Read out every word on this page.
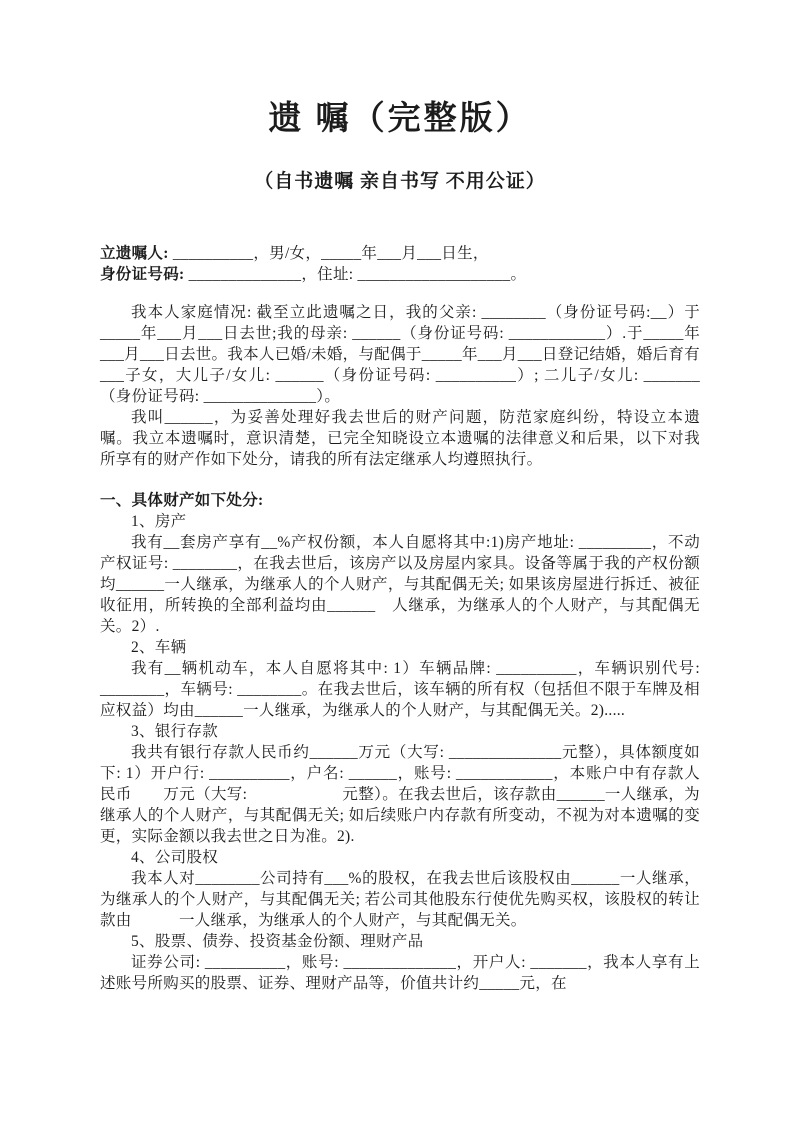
遗 嘱（完整版）
（自书遗嘱 亲自书写 不用公证）

立遗嘱人: __________，男/女，_____年___月___日生，
身份证号码: ______________，住址: ___________________。

我本人家庭情况: 截至立此遗嘱之日，我的父亲: ________（身份证号码:__）于_____年___月___日去世;我的母亲: ______（身份证号码: ____________）.于_____年___月___日去世。我本人已婚/未婚，与配偶于_____年___月___日登记结婚，婚后育有___子女，大儿子/女儿: ______（身份证号码: __________）; 二儿子/女儿: _______（身份证号码: ______________）。

我叫______，为妥善处理好我去世后的财产问题，防范家庭纠纷，特设立本遗嘱。我立本遗嘱时，意识清楚，已完全知晓设立本遗嘱的法律意义和后果，以下对我所享有的财产作如下处分，请我的所有法定继承人均遵照执行。

一、具体财产如下处分:

1、房产

我有__套房产享有__%产权份额，本人自愿将其中:1)房产地址: _________，不动产权证号: ________，在我去世后，该房产以及房屋内家具。设备等属于我的产权份额均______一人继承，为继承人的个人财产，与其配偶无关; 如果该房屋进行拆迁、被征收征用，所转换的全部利益均由______　人继承，为继承人的个人财产，与其配偶无关。2）.

2、车辆

我有__辆机动车，本人自愿将其中: 1）车辆品牌: __________，车辆识别代号: ________，车辆号: ________。在我去世后，该车辆的所有权（包括但不限于车牌及相应权益）均由______一人继承，为继承人的个人财产，与其配偶无关。2).....

3、银行存款

我共有银行存款人民币约______万元（大写: ______________元整），具体额度如下: 1）开户行: __________，户名: ______，账号: ____________，本账户中有存款人民币　　万元（大写:　　　　　　元整）。在我去世后，该存款由______一人继承，为继承人的个人财产，与其配偶无关; 如后续账户内存款有所变动，不视为对本遗嘱的变更，实际金额以我去世之日为准。2).

4、公司股权

我本人对________公司持有___%的股权，在我去世后该股权由______一人继承，为继承人的个人财产，与其配偶无关; 若公司其他股东行使优先购买权，该股权的转让款由　　　一人继承，为继承人的个人财产，与其配偶无关。

5、股票、债券、投资基金份额、理财产品

证券公司: __________，账号: ______________，开户人: _______，我本人享有上述账号所购买的股票、证券、理财产品等，价值共计约_____元，在
